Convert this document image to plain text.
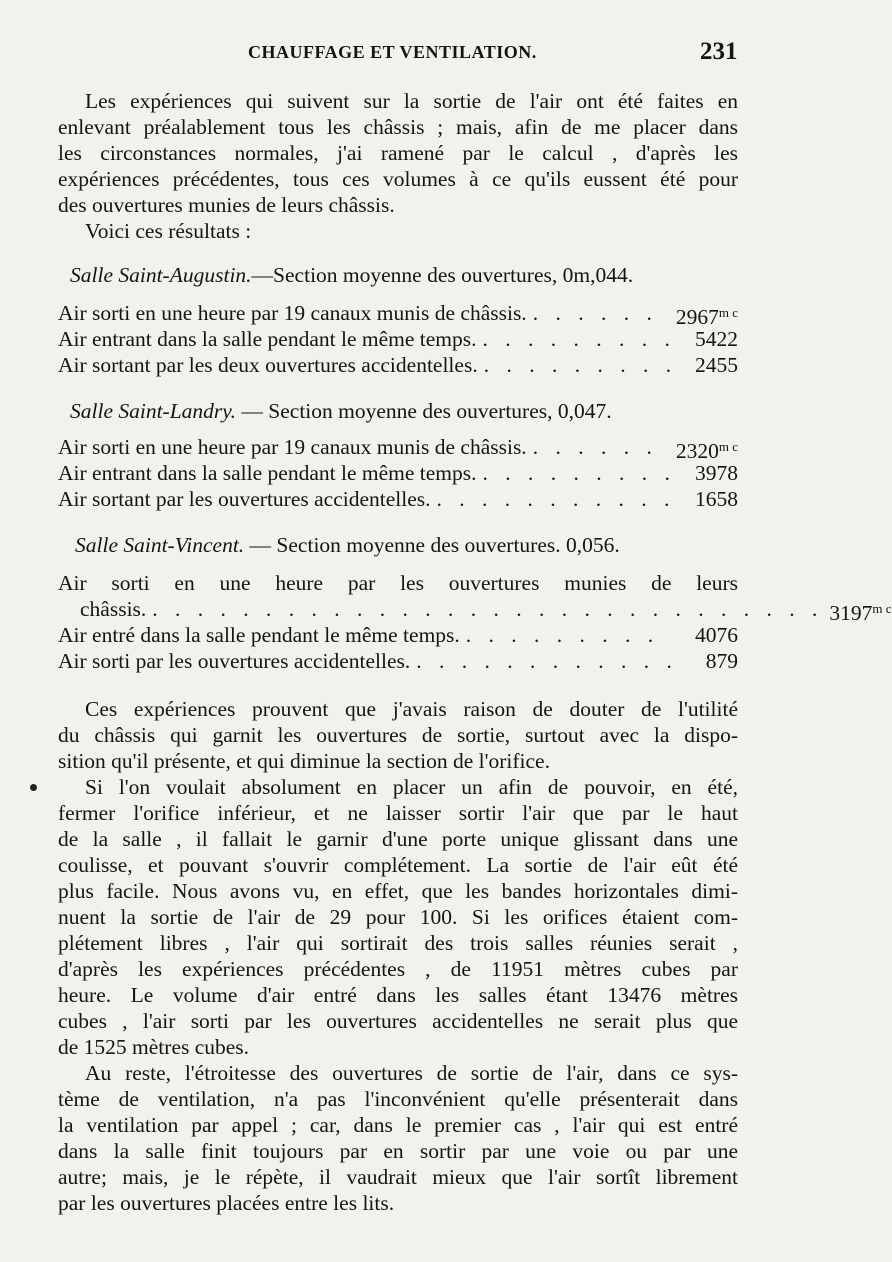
CHAUFFAGE ET VENTILATION.	231
Les expériences qui suivent sur la sortie de l'air ont été faites en
enlevant préalablement tous les châssis ; mais, afin de me placer dans
les circonstances normales, j'ai ramené par le calcul , d'après les
expériences précédentes, tous ces volumes à ce qu'ils eussent été pour
des ouvertures munies de leurs châssis.
Voici ces résultats :
Salle Saint-Augustin.—Section moyenne des ouvertures, 0m,044.
Air sorti en une heure par 19 canaux munis de châssis. . . . . . . $2967^{m c}$
Air entrant dans la salle pendant le même temps. . . . . . . . . . 5422
Air sortant par les deux ouvertures accidentelles. . . . . . . . . . 2455
Salle Saint-Landry. — Section moyenne des ouvertures, 0,047.
Air sorti en une heure par 19 canaux munis de châssis. . . . . . . $2320^{m c}$
Air entrant dans la salle pendant le même temps. . . . . . . . . . 3978
Air sortant par les ouvertures accidentelles. . . . . . . . . . . . 1658
Salle Saint-Vincent. — Section moyenne des ouvertures. 0,056.
Air sorti en une heure par les ouvertures munies de leurs
châssis. . . . . . . . . . . . . . . . . . . . . . . . . . . . . . . $3197^{m c}$
Air entré dans la salle pendant le même temps. . . . . . . . . .	4076
Air sorti par les ouvertures accidentelles. . . . . . . . . . . . .	879
Ces expériences prouvent que j'avais raison de douter de l'utilité
du châssis qui garnit les ouvertures de sortie, surtout avec la dispo-
sition qu'il présente, et qui diminue la section de l'orifice.
Si l'on voulait absolument en placer un afin de pouvoir, en été,
fermer l'orifice inférieur, et ne laisser sortir l'air que par le haut
de la salle , il fallait le garnir d'une porte unique glissant dans une
coulisse, et pouvant s'ouvrir complétement. La sortie de l'air eût été
plus facile. Nous avons vu, en effet, que les bandes horizontales dimi-
nuent la sortie de l'air de 29 pour 100. Si les orifices étaient com-
plétement libres , l'air qui sortirait des trois salles réunies serait ,
d'après les expériences précédentes , de 11951 mètres cubes par
heure. Le volume d'air entré dans les salles étant 13476 mètres
cubes , l'air sorti par les ouvertures accidentelles ne serait plus que
de 1525 mètres cubes.
Au reste, l'étroitesse des ouvertures de sortie de l'air, dans ce sys-
tème de ventilation, n'a pas l'inconvénient qu'elle présenterait dans
la ventilation par appel ; car, dans le premier cas , l'air qui est entré
dans la salle finit toujours par en sortir par une voie ou par une
autre; mais, je le répète, il vaudrait mieux que l'air sortît librement
par les ouvertures placées entre les lits.
